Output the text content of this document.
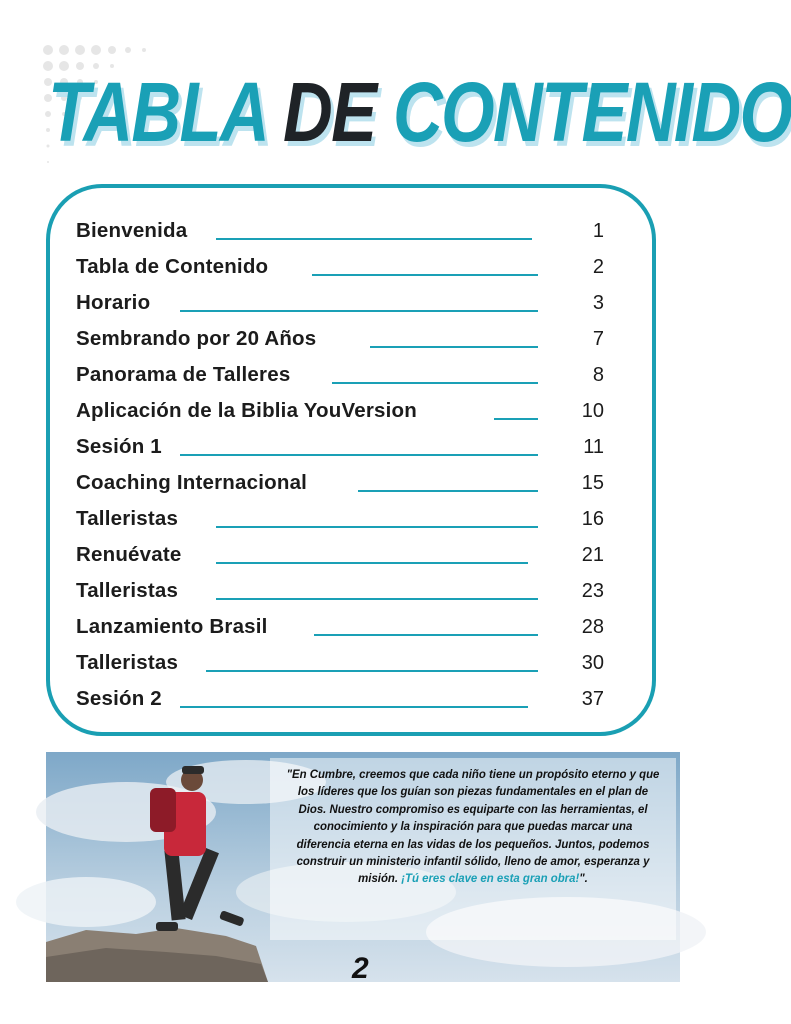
TABLA DE CONTENIDO
Bienvenida	1
Tabla de Contenido	2
Horario	3
Sembrando por 20 Años	7
Panorama de Talleres	8
Aplicación de la Biblia YouVersion	10
Sesión 1	11
Coaching Internacional	15
Talleristas	16
Renuévate	21
Talleristas	23
Lanzamiento Brasil	28
Talleristas	30
Sesión 2	37
"En Cumbre, creemos que cada niño tiene un propósito eterno y que los líderes que los guían son piezas fundamentales en el plan de Dios. Nuestro compromiso es equiparte con las herramientas, el conocimiento y la inspiración para que puedas marcar una diferencia eterna en las vidas de los pequeños. Juntos, podemos construir un ministerio infantil sólido, lleno de amor, esperanza y misión. ¡Tú eres clave en esta gran obra!".

2
